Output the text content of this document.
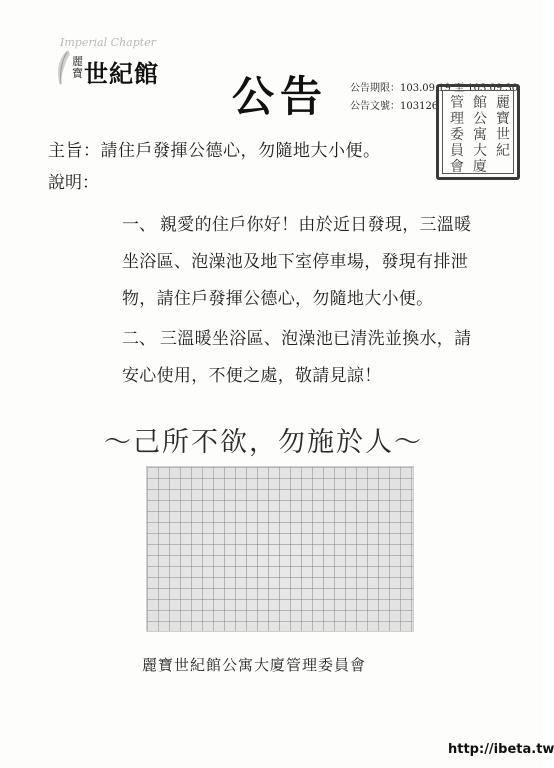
Imperial Chapter
麗寶 世紀館 公告 公告期限：103.09.19 至 103.09.30
公告文號：103126	麗
寶
世
紀
館
公
寓
大
廈
管
理
委
員
會
主旨：請住戶發揮公德心，勿隨地大小便。
說明：
一、 親愛的住戶你好！由於近日發現，三溫暖
坐浴區、泡澡池及地下室停車場，發現有排泄
物，請住戶發揮公德心，勿隨地大小便。
二、 三溫暖坐浴區、泡澡池已清洗並換水，請
安心使用，不便之處，敬請見諒！
～己所不欲，勿施於人～
麗寶世紀館公寓大廈管理委員會
http://ibeta.tw
